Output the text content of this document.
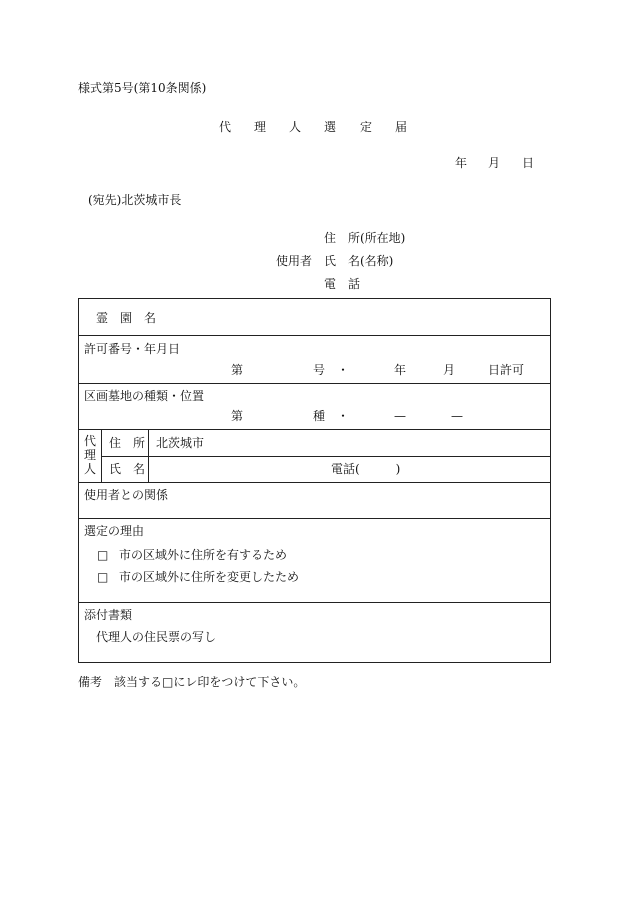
様式第5号(第10条関係)
代 理 人 選 定 届
年 月 日
(宛先)北茨城市長
住　所(所在地)
使用者 氏　名(名称)
電　話
霊　園　名
許可番号・年月日
第	号 ・	年	月	日許可
区画墓地の種類・位置
第	種 ・	—	—
代
理
人
住　所 北茨城市
氏　名	電話(　　　)
使用者との関係
選定の理由
□ 市の区域外に住所を有するため
□ 市の区域外に住所を変更したため
添付書類
代理人の住民票の写し
備考　該当する□にレ印をつけて下さい。
